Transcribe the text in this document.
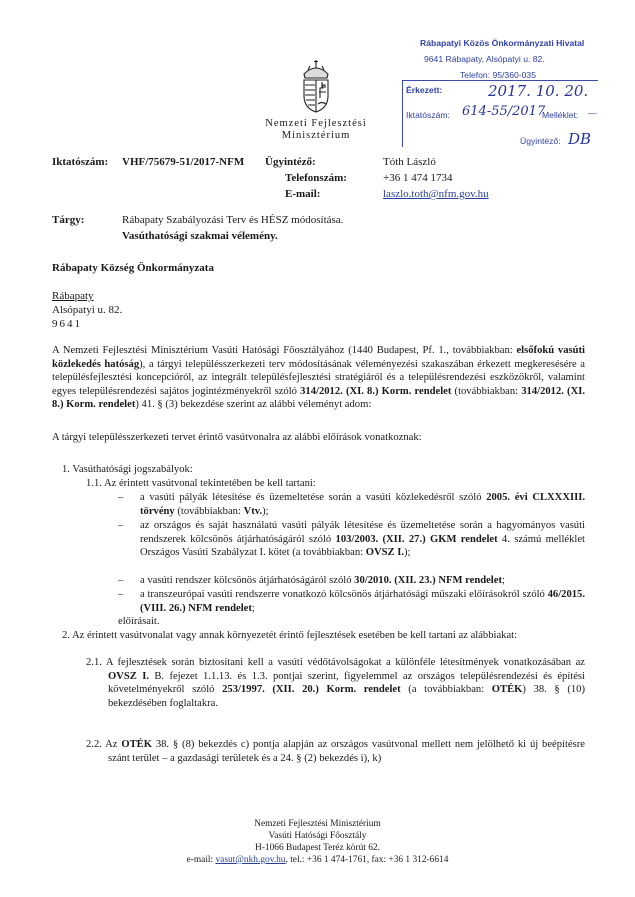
Rábapatyi Közös Önkormányzati Hivatal
9641 Rábapaty, Alsópatyi u. 82.
Telefon: 95/360-035
Érkezett:	2017. 10. 20.
Iktatószám: 614-55/2017
Melléklet: —
Ügyintéző: DB
Nemzeti Fejlesztési
Minisztérium
Iktatószám: VHF/75679-51/2017-NFM Ügyintéző:	Tóth László
Telefonszám:	+36 1 474 1734
E-mail:	laszlo.toth@nfm.gov.hu
Tárgy:	Rábapaty Szabályozási Terv és HÉSZ módosítása.
Vasúthatósági szakmai vélemény.
Rábapaty Község Önkormányzata
Rábapaty
Alsópatyi u. 82.
9641
A Nemzeti Fejlesztési Minisztérium Vasúti Hatósági Főosztályához (1440 Budapest, Pf. 1., továbbiakban: elsőfokú vasúti közlekedés hatóság), a tárgyi településszerkezeti terv módosításának véleményezési szakaszában érkezett megkeresésére a településfejlesztési koncepcióról, az integrált településfejlesztési stratégiáról és a településrendezési eszközökről, valamint egyes településrendezési sajátos jogintézményekről szóló 314/2012. (XI. 8.) Korm. rendelet (továbbiakban: 314/2012. (XI. 8.) Korm. rendelet) 41. § (3) bekezdése szerint az alábbi véleményt adom:
A tárgyi településszerkezeti tervet érintő vasútvonalra az alábbi előírások vonatkoznak:
1. Vasúthatósági jogszabályok:
1.1. Az érintett vasútvonal tekintetében be kell tartani:
– a vasúti pályák létesítése és üzemeltetése során a vasúti közlekedésről szóló 2005. évi CLXXXIII. törvény (továbbiakban: Vtv.);
– az országos és saját használatú vasúti pályák létesítése és üzemeltetése során a hagyományos vasúti rendszerek kölcsönös átjárhatóságáról szóló 103/2003. (XII. 27.) GKM rendelet 4. számú melléklet Országos Vasúti Szabályzat I. kötet (a továbbiakban: OVSZ I.);
– a vasúti rendszer kölcsönös átjárhatóságáról szóló 30/2010. (XII. 23.) NFM rendelet;
– a transzeurópai vasúti rendszerre vonatkozó kölcsönös átjárhatósági műszaki előírásokról szóló 46/2015. (VIII. 26.) NFM rendelet;
előírásait.
2. Az érintett vasútvonalat vagy annak környezetét érintő fejlesztések esetében be kell tartani az alábbiakat:
2.1. A fejlesztések során biztosítani kell a vasúti védőtávolságokat a különféle létesítmények vonatkozásában az OVSZ I. B. fejezet 1.1.13. és 1.3. pontjai szerint, figyelemmel az országos településrendezési és építési követelményekről szóló 253/1997. (XII. 20.) Korm. rendelet (a továbbiakban: OTÉK) 38. § (10) bekezdésében foglaltakra.
2.2. Az OTÉK 38. § (8) bekezdés c) pontja alapján az országos vasútvonal mellett nem jelölhető ki új beépítésre szánt terület – a gazdasági területek és a 24. § (2) bekezdés i), k)
Nemzeti Fejlesztési Minisztérium
Vasúti Hatósági Főosztály
H-1066 Budapest Teréz körút 62.
e-mail: vasut@nkh.gov.hu, tel.: +36 1 474-1761, fax: +36 1 312-6614
